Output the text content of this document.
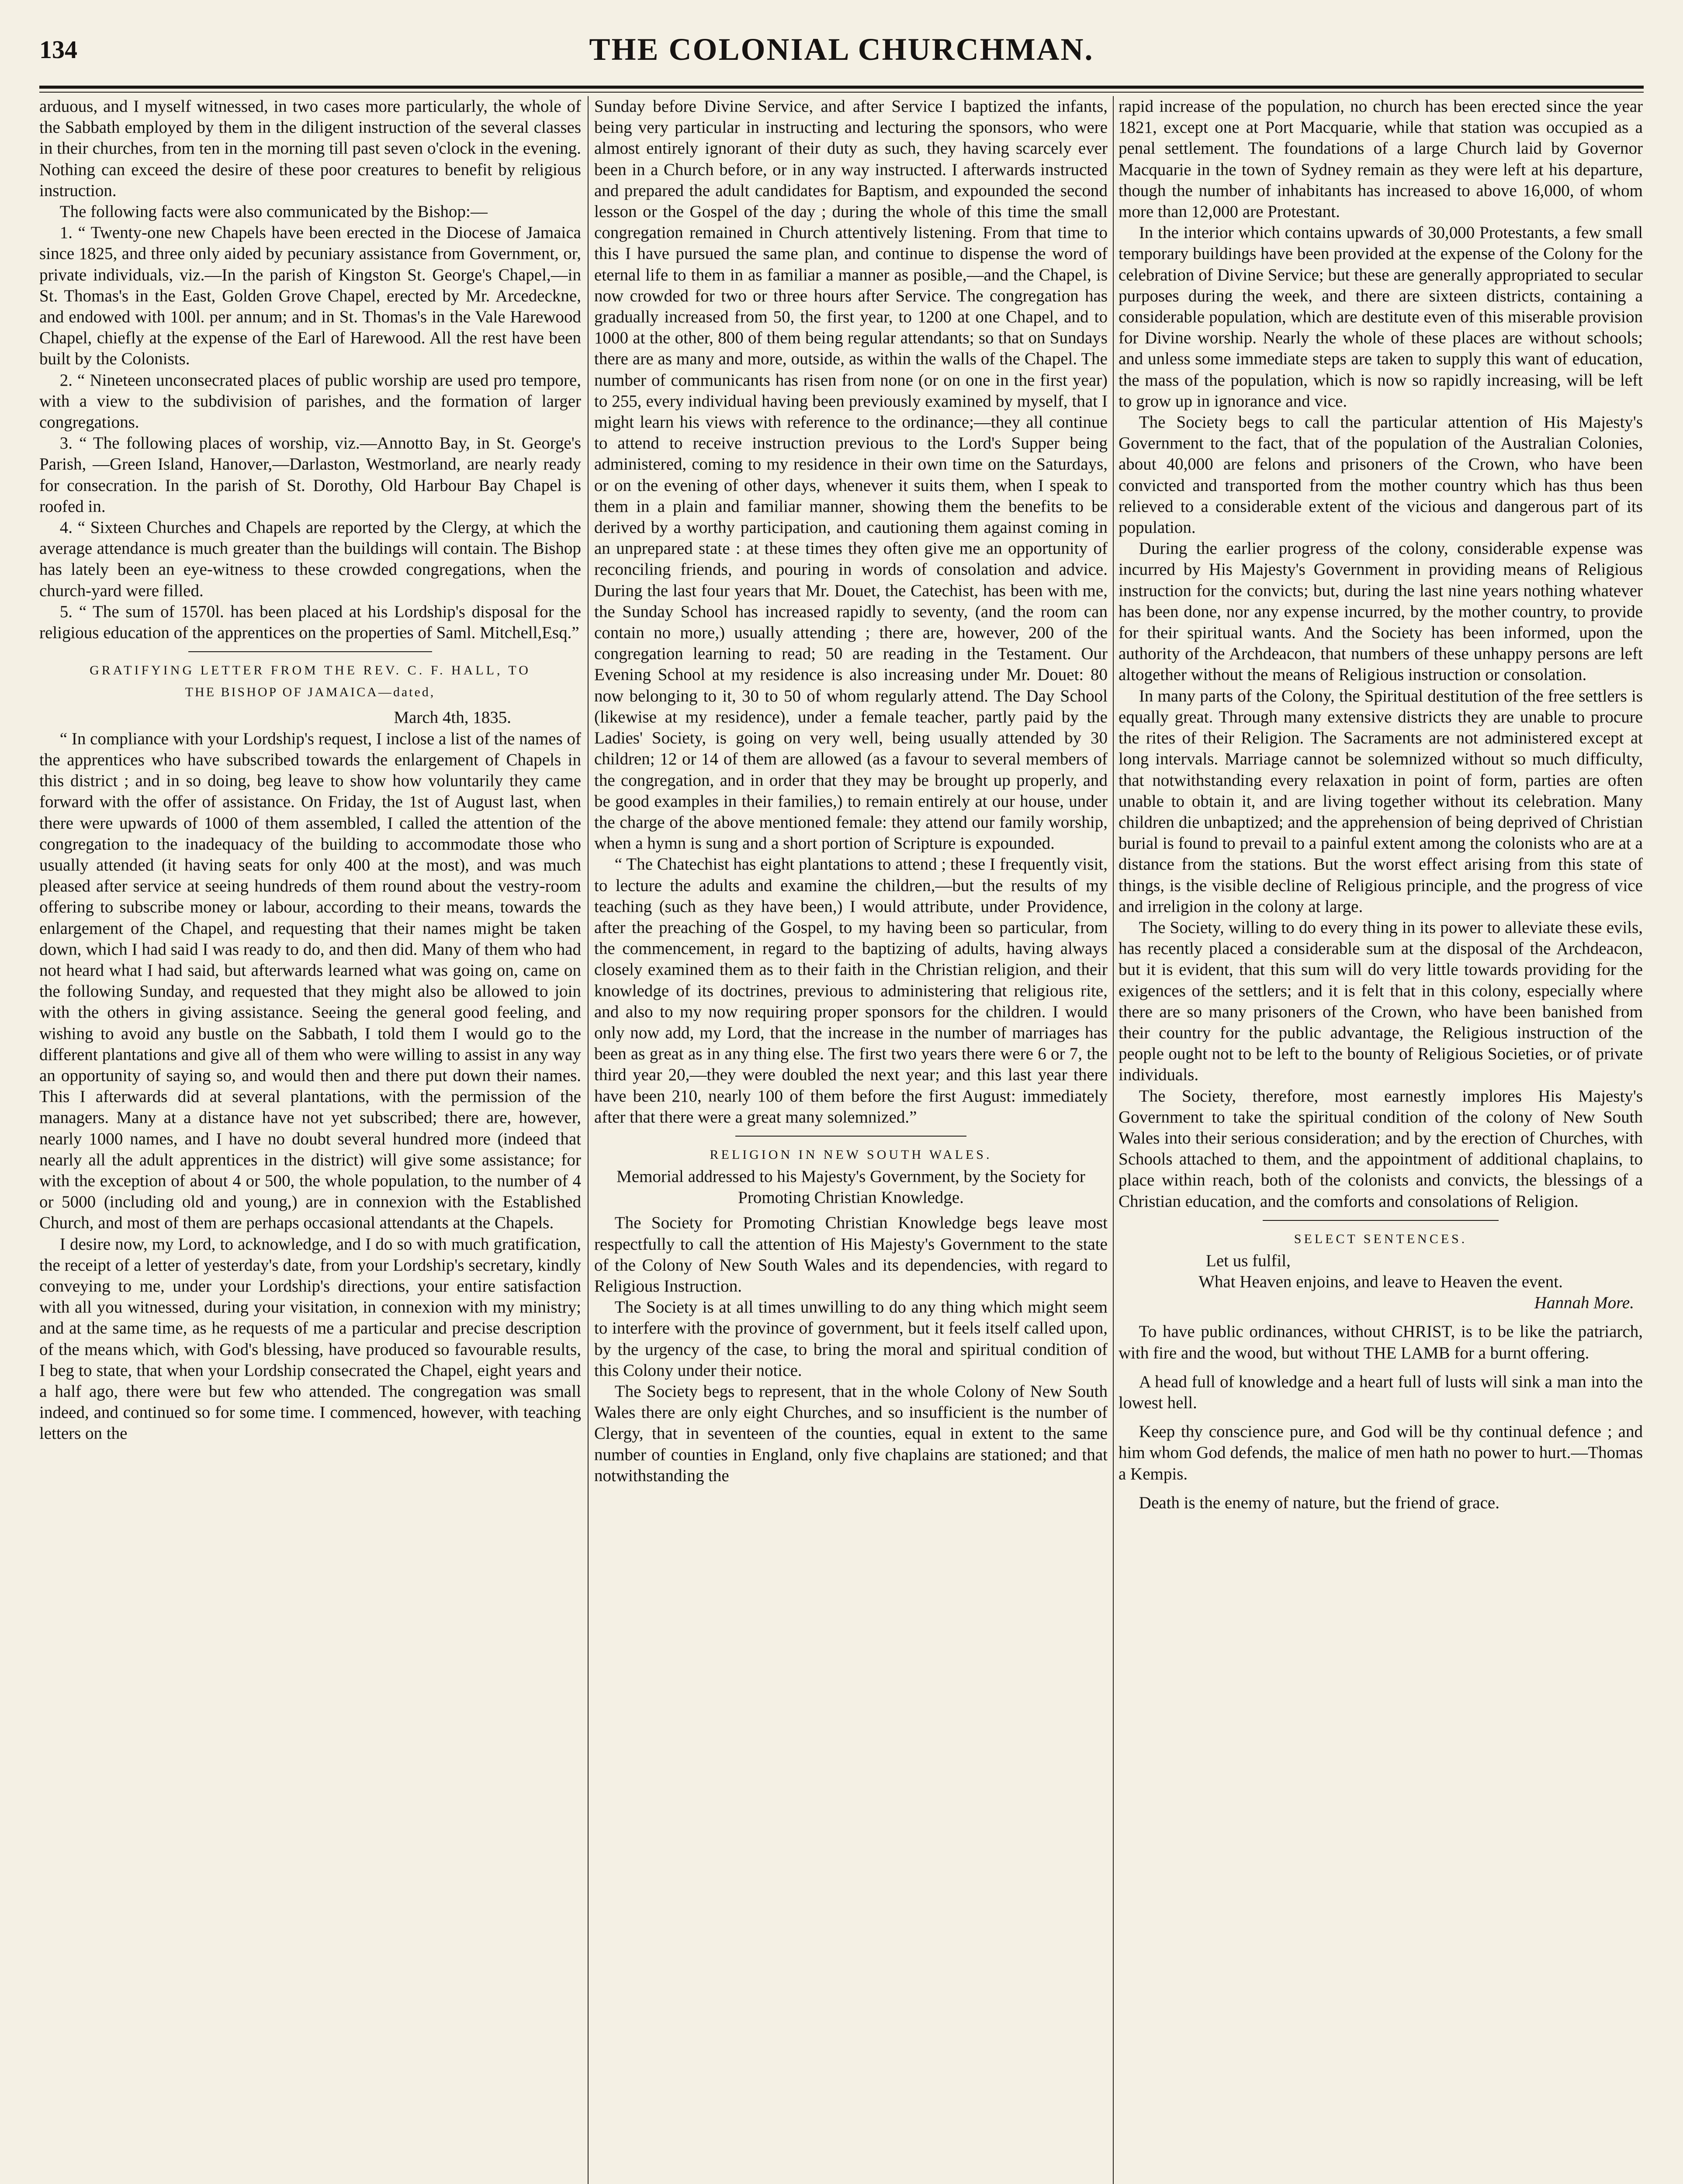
134	THE COLONIAL CHURCHMAN.

arduous, and I myself witnessed, in two cases more particularly, the whole of the Sabbath employed by them in the diligent instruction of the several classes in their churches, from ten in the morning till past seven o'clock in the evening. Nothing can exceed the desire of these poor creatures to benefit by religious instruction.

The following facts were also communicated by the Bishop:—

1. “ Twenty-one new Chapels have been erected in the Diocese of Jamaica since 1825, and three only aided by pecuniary assistance from Government, or, private individuals, viz.—In the parish of Kingston St. George's Chapel,—in St. Thomas's in the East, Golden Grove Chapel, erected by Mr. Arcedeckne, and endowed with 100l. per annum; and in St. Thomas's in the Vale Harewood Chapel, chiefly at the expense of the Earl of Harewood. All the rest have been built by the Colonists.

2. “ Nineteen unconsecrated places of public worship are used pro tempore, with a view to the subdivision of parishes, and the formation of larger congregations.

3. “ The following places of worship, viz.—Annotto Bay, in St. George's Parish, —Green Island, Hanover,—Darlaston, Westmorland, are nearly ready for consecration. In the parish of St. Dorothy, Old Harbour Bay Chapel is roofed in.

4. “ Sixteen Churches and Chapels are reported by the Clergy, at which the average attendance is much greater than the buildings will contain. The Bishop has lately been an eye-witness to these crowded congregations, when the church-yard were filled.

5. “ The sum of 1570l. has been placed at his Lordship's disposal for the religious education of the apprentices on the properties of Saml. Mitchell,Esq.”

GRATIFYING LETTER FROM THE REV. C. F. HALL, TO
THE BISHOP OF JAMAICA—dated,
March 4th, 1835.

“ In compliance with your Lordship's request, I inclose a list of the names of the apprentices who have subscribed towards the enlargement of Chapels in this district ; and in so doing, beg leave to show how voluntarily they came forward with the offer of assistance. On Friday, the 1st of August last, when there were upwards of 1000 of them assembled, I called the attention of the congregation to the inadequacy of the building to accommodate those who usually attended (it having seats for only 400 at the most), and was much pleased after service at seeing hundreds of them round about the vestry-room offering to subscribe money or labour, according to their means, towards the enlargement of the Chapel, and requesting that their names might be taken down, which I had said I was ready to do, and then did. Many of them who had not heard what I had said, but afterwards learned what was going on, came on the following Sunday, and requested that they might also be allowed to join with the others in giving assistance. Seeing the general good feeling, and wishing to avoid any bustle on the Sabbath, I told them I would go to the different plantations and give all of them who were willing to assist in any way an opportunity of saying so, and would then and there put down their names. This I afterwards did at several plantations, with the permission of the managers. Many at a distance have not yet subscribed; there are, however, nearly 1000 names, and I have no doubt several hundred more (indeed that nearly all the adult apprentices in the district) will give some assistance; for with the exception of about 4 or 500, the whole population, to the number of 4 or 5000 (including old and young,) are in connexion with the Established Church, and most of them are perhaps occasional attendants at the Chapels.

I desire now, my Lord, to acknowledge, and I do so with much gratification, the receipt of a letter of yesterday's date, from your Lordship's secretary, kindly conveying to me, under your Lordship's directions, your entire satisfaction with all you witnessed, during your visitation, in connexion with my ministry; and at the same time, as he requests of me a particular and precise description of the means which, with God's blessing, have produced so favourable results, I beg to state, that when your Lordship consecrated the Chapel, eight years and a half ago, there were but few who attended. The congregation was small indeed, and continued so for some time. I commenced, however, with teaching letters on the

Sunday before Divine Service, and after Service I baptized the infants, being very particular in instructing and lecturing the sponsors, who were almost entirely ignorant of their duty as such, they having scarcely ever been in a Church before, or in any way instructed. I afterwards instructed and prepared the adult candidates for Baptism, and expounded the second lesson or the Gospel of the day ; during the whole of this time the small congregation remained in Church attentively listening. From that time to this I have pursued the same plan, and continue to dispense the word of eternal life to them in as familiar a manner as posible,—and the Chapel, is now crowded for two or three hours after Service. The congregation has gradually increased from 50, the first year, to 1200 at one Chapel, and to 1000 at the other, 800 of them being regular attendants; so that on Sundays there are as many and more, outside, as within the walls of the Chapel. The number of communicants has risen from none (or on one in the first year) to 255, every individual having been previously examined by myself, that I might learn his views with reference to the ordinance;—they all continue to attend to receive instruction previous to the Lord's Supper being administered, coming to my residence in their own time on the Saturdays, or on the evening of other days, whenever it suits them, when I speak to them in a plain and familiar manner, showing them the benefits to be derived by a worthy participation, and cautioning them against coming in an unprepared state : at these times they often give me an opportunity of reconciling friends, and pouring in words of consolation and advice. During the last four years that Mr. Douet, the Catechist, has been with me, the Sunday School has increased rapidly to seventy, (and the room can contain no more,) usually attending ; there are, however, 200 of the congregation learning to read; 50 are reading in the Testament. Our Evening School at my residence is also increasing under Mr. Douet: 80 now belonging to it, 30 to 50 of whom regularly attend. The Day School (likewise at my residence), under a female teacher, partly paid by the Ladies' Society, is going on very well, being usually attended by 30 children; 12 or 14 of them are allowed (as a favour to several members of the congregation, and in order that they may be brought up properly, and be good examples in their families,) to remain entirely at our house, under the charge of the above mentioned female: they attend our family worship, when a hymn is sung and a short portion of Scripture is expounded.

“ The Chatechist has eight plantations to attend ; these I frequently visit, to lecture the adults and examine the children,—but the results of my teaching (such as they have been,) I would attribute, under Providence, after the preaching of the Gospel, to my having been so particular, from the commencement, in regard to the baptizing of adults, having always closely examined them as to their faith in the Christian religion, and their knowledge of its doctrines, previous to administering that religious rite, and also to my now requiring proper sponsors for the children. I would only now add, my Lord, that the increase in the number of marriages has been as great as in any thing else. The first two years there were 6 or 7, the third year 20,—they were doubled the next year; and this last year there have been 210, nearly 100 of them before the first August: immediately after that there were a great many solemnized.”

RELIGION IN NEW SOUTH WALES.
Memorial addressed to his Majesty's Government, by the Society for Promoting Christian Knowledge.

The Society for Promoting Christian Knowledge begs leave most respectfully to call the attention of His Majesty's Government to the state of the Colony of New South Wales and its dependencies, with regard to Religious Instruction.

The Society is at all times unwilling to do any thing which might seem to interfere with the province of government, but it feels itself called upon, by the urgency of the case, to bring the moral and spiritual condition of this Colony under their notice.

The Society begs to represent, that in the whole Colony of New South Wales there are only eight Churches, and so insufficient is the number of Clergy, that in seventeen of the counties, equal in extent to the same number of counties in England, only five chaplains are stationed; and that notwithstanding the

rapid increase of the population, no church has been erected since the year 1821, except one at Port Macquarie, while that station was occupied as a penal settlement. The foundations of a large Church laid by Governor Macquarie in the town of Sydney remain as they were left at his departure, though the number of inhabitants has increased to above 16,000, of whom more than 12,000 are Protestant.

In the interior which contains upwards of 30,000 Protestants, a few small temporary buildings have been provided at the expense of the Colony for the celebration of Divine Service; but these are generally appropriated to secular purposes during the week, and there are sixteen districts, containing a considerable population, which are destitute even of this miserable provision for Divine worship. Nearly the whole of these places are without schools; and unless some immediate steps are taken to supply this want of education, the mass of the population, which is now so rapidly increasing, will be left to grow up in ignorance and vice.

The Society begs to call the particular attention of His Majesty's Government to the fact, that of the population of the Australian Colonies, about 40,000 are felons and prisoners of the Crown, who have been convicted and transported from the mother country which has thus been relieved to a considerable extent of the vicious and dangerous part of its population.

During the earlier progress of the colony, considerable expense was incurred by His Majesty's Government in providing means of Religious instruction for the convicts; but, during the last nine years nothing whatever has been done, nor any expense incurred, by the mother country, to provide for their spiritual wants. And the Society has been informed, upon the authority of the Archdeacon, that numbers of these unhappy persons are left altogether without the means of Religious instruction or consolation.

In many parts of the Colony, the Spiritual destitution of the free settlers is equally great. Through many extensive districts they are unable to procure the rites of their Religion. The Sacraments are not administered except at long intervals. Marriage cannot be solemnized without so much difficulty, that notwithstanding every relaxation in point of form, parties are often unable to obtain it, and are living together without its celebration. Many children die unbaptized; and the apprehension of being deprived of Christian burial is found to prevail to a painful extent among the colonists who are at a distance from the stations. But the worst effect arising from this state of things, is the visible decline of Religious principle, and the progress of vice and irreligion in the colony at large.

The Society, willing to do every thing in its power to alleviate these evils, has recently placed a considerable sum at the disposal of the Archdeacon, but it is evident, that this sum will do very little towards providing for the exigences of the settlers; and it is felt that in this colony, especially where there are so many prisoners of the Crown, who have been banished from their country for the public advantage, the Religious instruction of the people ought not to be left to the bounty of Religious Societies, or of private individuals.

The Society, therefore, most earnestly implores His Majesty's Government to take the spiritual condition of the colony of New South Wales into their serious consideration; and by the erection of Churches, with Schools attached to them, and the appointment of additional chaplains, to place within reach, both of the colonists and convicts, the blessings of a Christian education, and the comforts and consolations of Religion.

SELECT SENTENCES.

Let us fulfil,

What Heaven enjoins, and leave to Heaven the event.

Hannah More.

To have public ordinances, without CHRIST, is to be like the patriarch, with fire and the wood, but without THE LAMB for a burnt offering.

A head full of knowledge and a heart full of lusts will sink a man into the lowest hell.

Keep thy conscience pure, and God will be thy continual defence ; and him whom God defends, the malice of men hath no power to hurt.—Thomas a Kempis.

Death is the enemy of nature, but the friend of grace.
